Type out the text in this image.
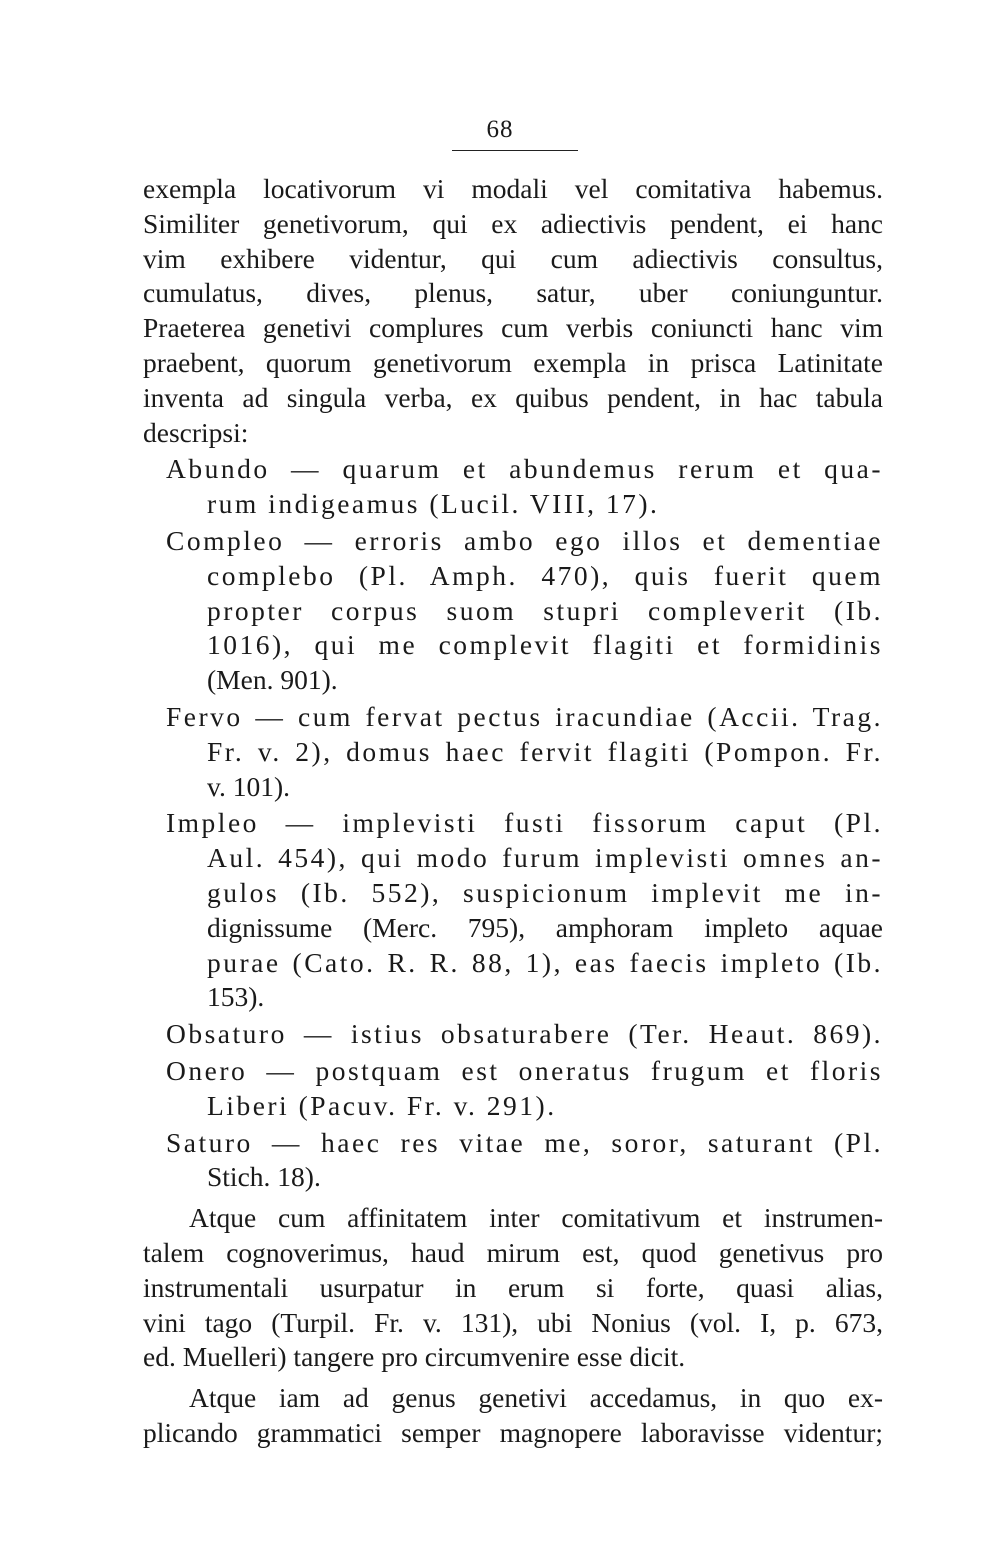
68
exempla locativorum vi modali vel comitativa habemus.
Similiter genetivorum, qui ex adiectivis pendent, ei hanc
vim exhibere videntur, qui cum adiectivis consultus,
cumulatus, dives, plenus, satur, uber coniunguntur.
Praeterea genetivi complures cum verbis coniuncti hanc vim
praebent, quorum genetivorum exempla in prisca Latinitate
inventa ad singula verba, ex quibus pendent, in hac tabula
descripsi:
Abundo — quarum et abundemus rerum et qua-
rum indigeamus (Lucil. VIII, 17).
Compleo — erroris ambo ego illos et dementiae
complebo (Pl. Amph. 470), quis fuerit quem
propter corpus suom stupri compleverit (Ib.
1016), qui me complevit flagiti et formidinis
(Men. 901).
Fervo — cum fervat pectus iracundiae (Accii. Trag.
Fr. v. 2), domus haec fervit flagiti (Pompon. Fr.
v. 101).
Impleo — implevisti fusti fissorum caput (Pl.
Aul. 454), qui modo furum implevisti omnes an-
gulos (Ib. 552), suspicionum implevit me in-
dignissume (Merc. 795), amphoram impleto aquae
purae (Cato. R. R. 88, 1), eas faecis impleto (Ib.
153).
Obsaturo — istius obsaturabere (Ter. Heaut. 869).
Onero — postquam est oneratus frugum et floris
Liberi (Pacuv. Fr. v. 291).
Saturo — haec res vitae me, soror, saturant (Pl.
Stich. 18).
Atque cum affinitatem inter comitativum et instrumen-
talem cognoverimus, haud mirum est, quod genetivus pro
instrumentali usurpatur in erum si forte, quasi alias,
vini tago (Turpil. Fr. v. 131), ubi Nonius (vol. I, p. 673,
ed. Muelleri) tangere pro circumvenire esse dicit.
Atque iam ad genus genetivi accedamus, in quo ex-
plicando grammatici semper magnopere laboravisse videntur;
